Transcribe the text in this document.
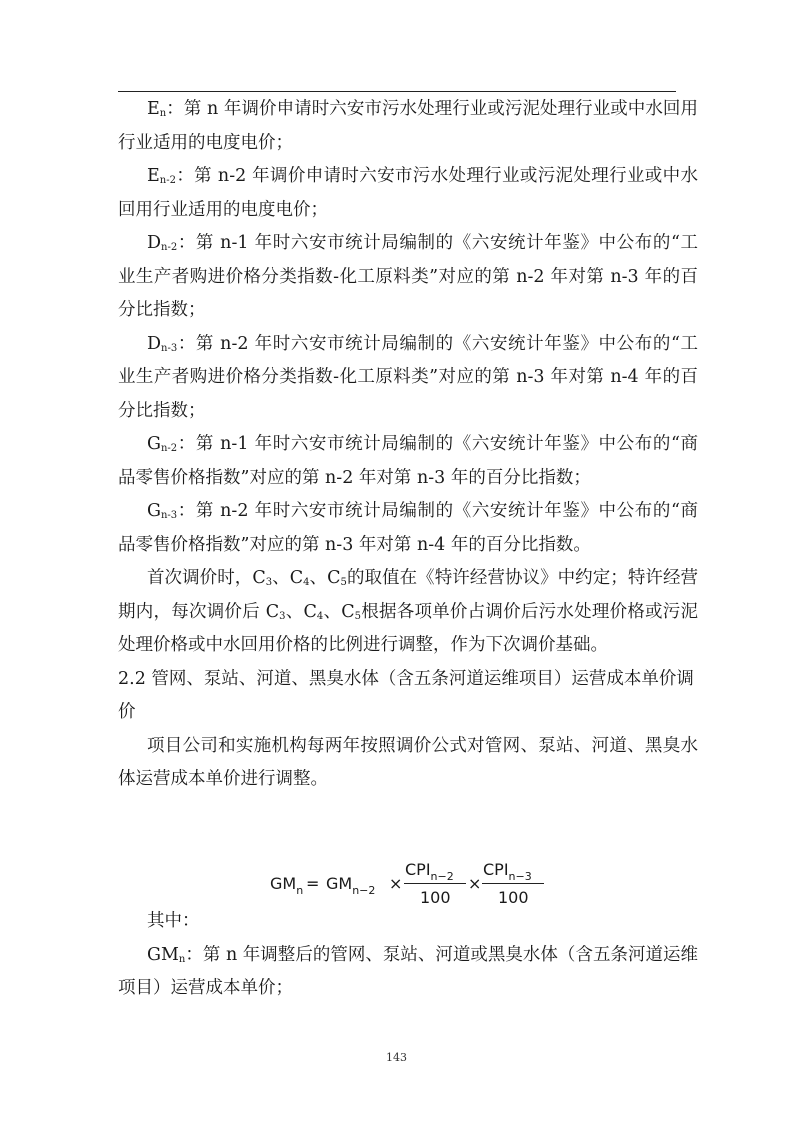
$E_n$：第 n 年调价申请时六安市污水处理行业或污泥处理行业或中水回用行业适用的电度电价；

$E_{n-2}$：第 n-2 年调价申请时六安市污水处理行业或污泥处理行业或中水回用行业适用的电度电价；

$D_{n-2}$：第 n-1 年时六安市统计局编制的《六安统计年鉴》中公布的“工业生产者购进价格分类指数-化工原料类”对应的第 n-2 年对第 n-3 年的百分比指数；

$D_{n-3}$：第 n-2 年时六安市统计局编制的《六安统计年鉴》中公布的“工业生产者购进价格分类指数-化工原料类”对应的第 n-3 年对第 n-4 年的百分比指数；

$G_{n-2}$：第 n-1 年时六安市统计局编制的《六安统计年鉴》中公布的“商品零售价格指数”对应的第 n-2 年对第 n-3 年的百分比指数；

$G_{n-3}$：第 n-2 年时六安市统计局编制的《六安统计年鉴》中公布的“商品零售价格指数”对应的第 n-3 年对第 n-4 年的百分比指数。

首次调价时，$C_3$、$C_4$、$C_5$的取值在《特许经营协议》中约定；特许经营期内，每次调价后 $C_3$、$C_4$、$C_5$根据各项单价占调价后污水处理价格或污泥处理价格或中水回用价格的比例进行调整，作为下次调价基础。

2.2 管网、泵站、河道、黑臭水体（含五条河道运维项目）运营成本单价调价

项目公司和实施机构每两年按照调价公式对管网、泵站、河道、黑臭水体运营成本单价进行调整。

$GM_n = GM_{n-2}$ ×
$CPI_{n-2}$
100
×
$CPI_{n-3}$
100

其中：

$GM_n$：第 n 年调整后的管网、泵站、河道或黑臭水体（含五条河道运维项目）运营成本单价；

143
